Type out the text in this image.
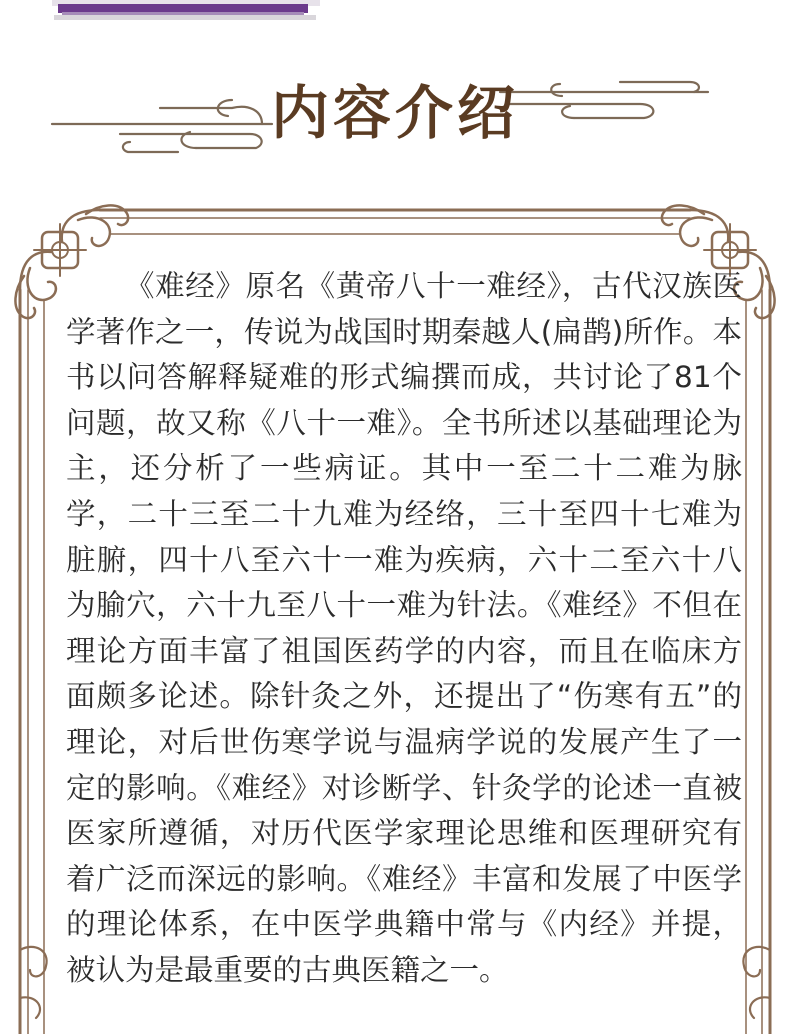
内容介绍

《难经》原名《黄帝八十一难经》，古代汉族医学著作之一，传说为战国时期秦越人(扁鹊)所作。本书以问答解释疑难的形式编撰而成，共讨论了81个问题，故又称《八十一难》。全书所述以基础理论为主，还分析了一些病证。其中一至二十二难为脉学，二十三至二十九难为经络，三十至四十七难为脏腑，四十八至六十一难为疾病，六十二至六十八为腧穴，六十九至八十一难为针法。《难经》不但在理论方面丰富了祖国医药学的内容，而且在临床方面颇多论述。除针灸之外，还提出了“伤寒有五”的理论，对后世伤寒学说与温病学说的发展产生了一定的影响。《难经》对诊断学、针灸学的论述一直被医家所遵循，对历代医学家理论思维和医理研究有着广泛而深远的影响。《难经》丰富和发展了中医学的理论体系，在中医学典籍中常与《内经》并提，被认为是最重要的古典医籍之一。
